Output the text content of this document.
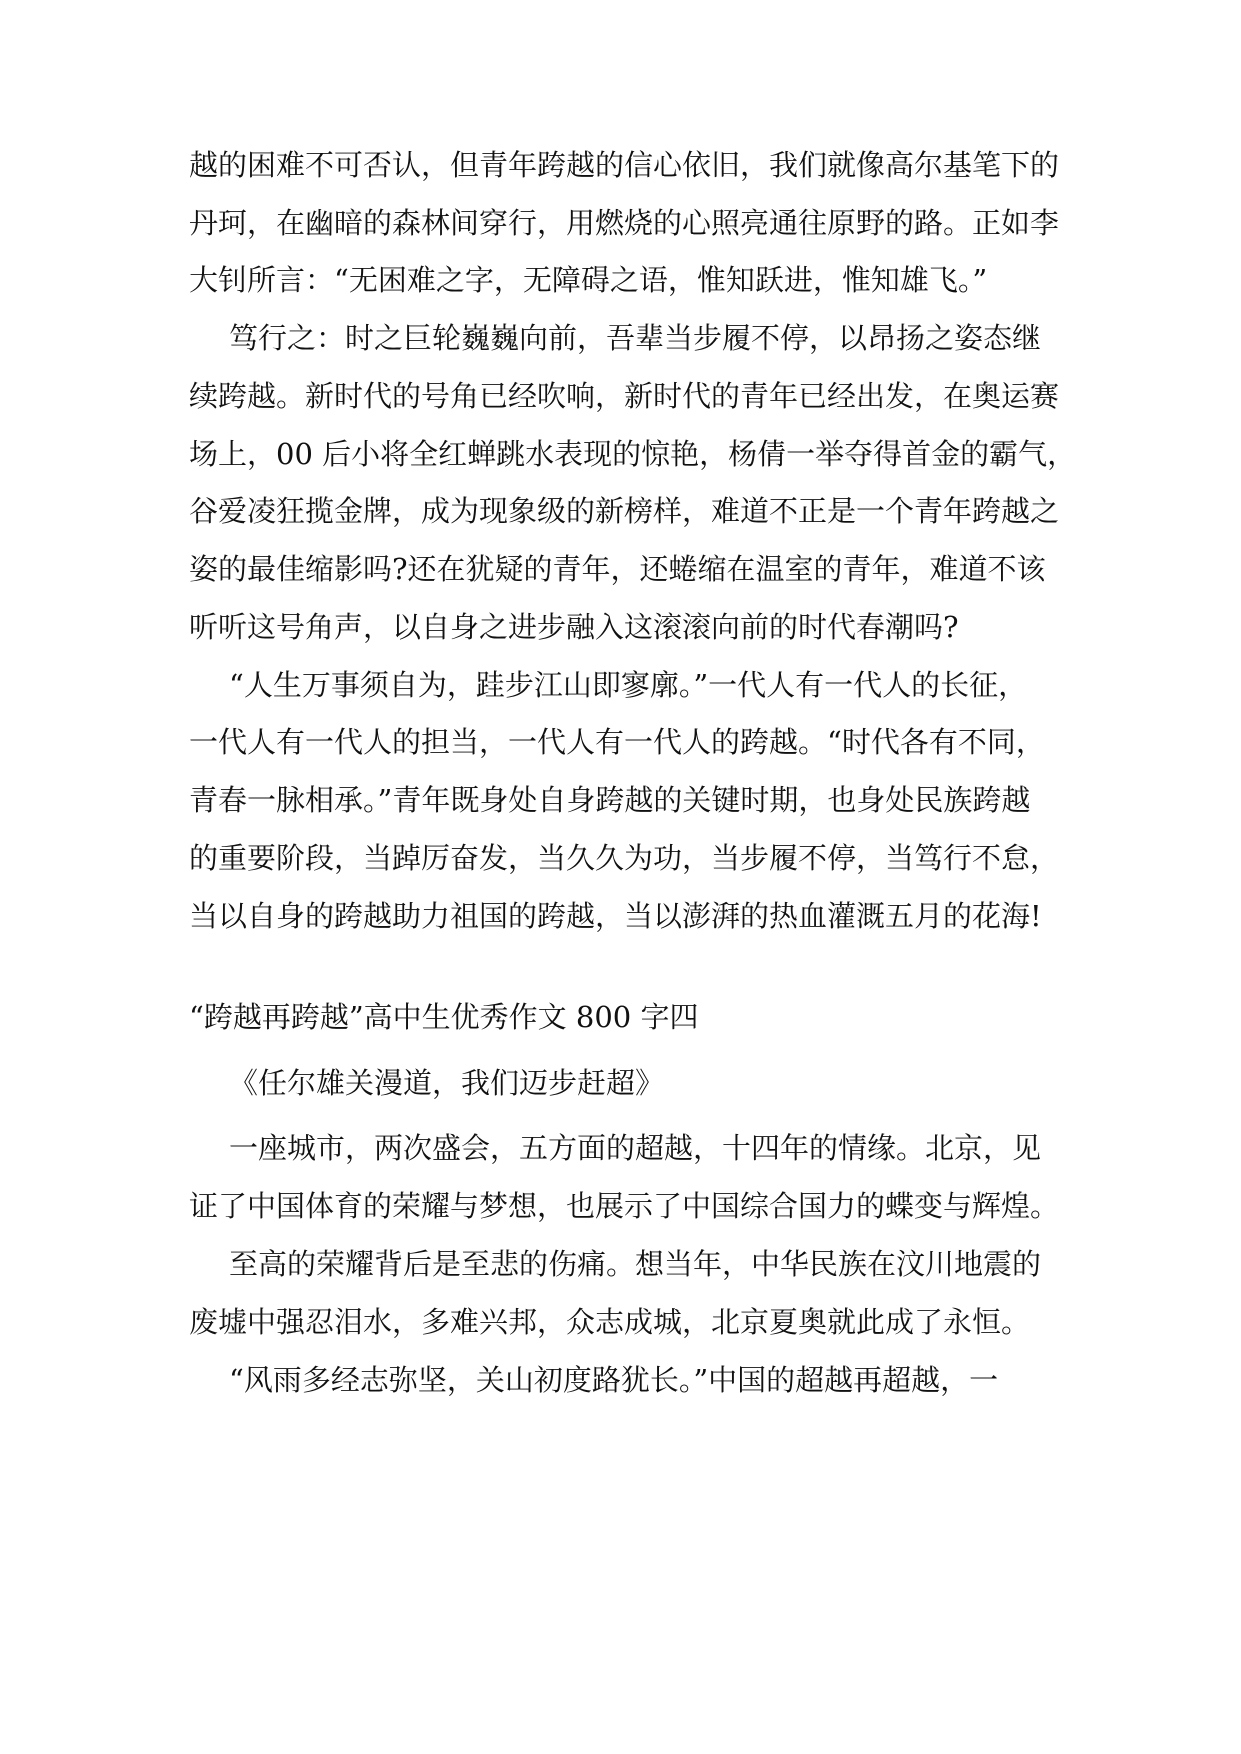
越的困难不可否认，但青年跨越的信心依旧，我们就像高尔基笔下的

丹珂，在幽暗的森林间穿行，用燃烧的心照亮通往原野的路。正如李

大钊所言：“无困难之字，无障碍之语，惟知跃进，惟知雄飞。”

笃行之：时之巨轮巍巍向前，吾辈当步履不停，以昂扬之姿态继

续跨越。新时代的号角已经吹响，新时代的青年已经出发，在奥运赛

场上，00 后小将全红蝉跳水表现的惊艳，杨倩一举夺得首金的霸气，

谷爱凌狂揽金牌，成为现象级的新榜样，难道不正是一个青年跨越之

姿的最佳缩影吗?还在犹疑的青年，还蜷缩在温室的青年，难道不该

听听这号角声，以自身之进步融入这滚滚向前的时代春潮吗?

“人生万事须自为，跬步江山即寥廓。”一代人有一代人的长征，

一代人有一代人的担当，一代人有一代人的跨越。“时代各有不同，

青春一脉相承。”青年既身处自身跨越的关键时期，也身处民族跨越

的重要阶段，当踔厉奋发，当久久为功，当步履不停，当笃行不怠，

当以自身的跨越助力祖国的跨越，当以澎湃的热血灌溉五月的花海!

“跨越再跨越”高中生优秀作文 800 字四

《任尔雄关漫道，我们迈步赶超》

一座城市，两次盛会，五方面的超越，十四年的情缘。北京，见

证了中国体育的荣耀与梦想，也展示了中国综合国力的蝶变与辉煌。

至高的荣耀背后是至悲的伤痛。想当年，中华民族在汶川地震的

废墟中强忍泪水，多难兴邦，众志成城，北京夏奥就此成了永恒。

“风雨多经志弥坚，关山初度路犹长。”中国的超越再超越，一
